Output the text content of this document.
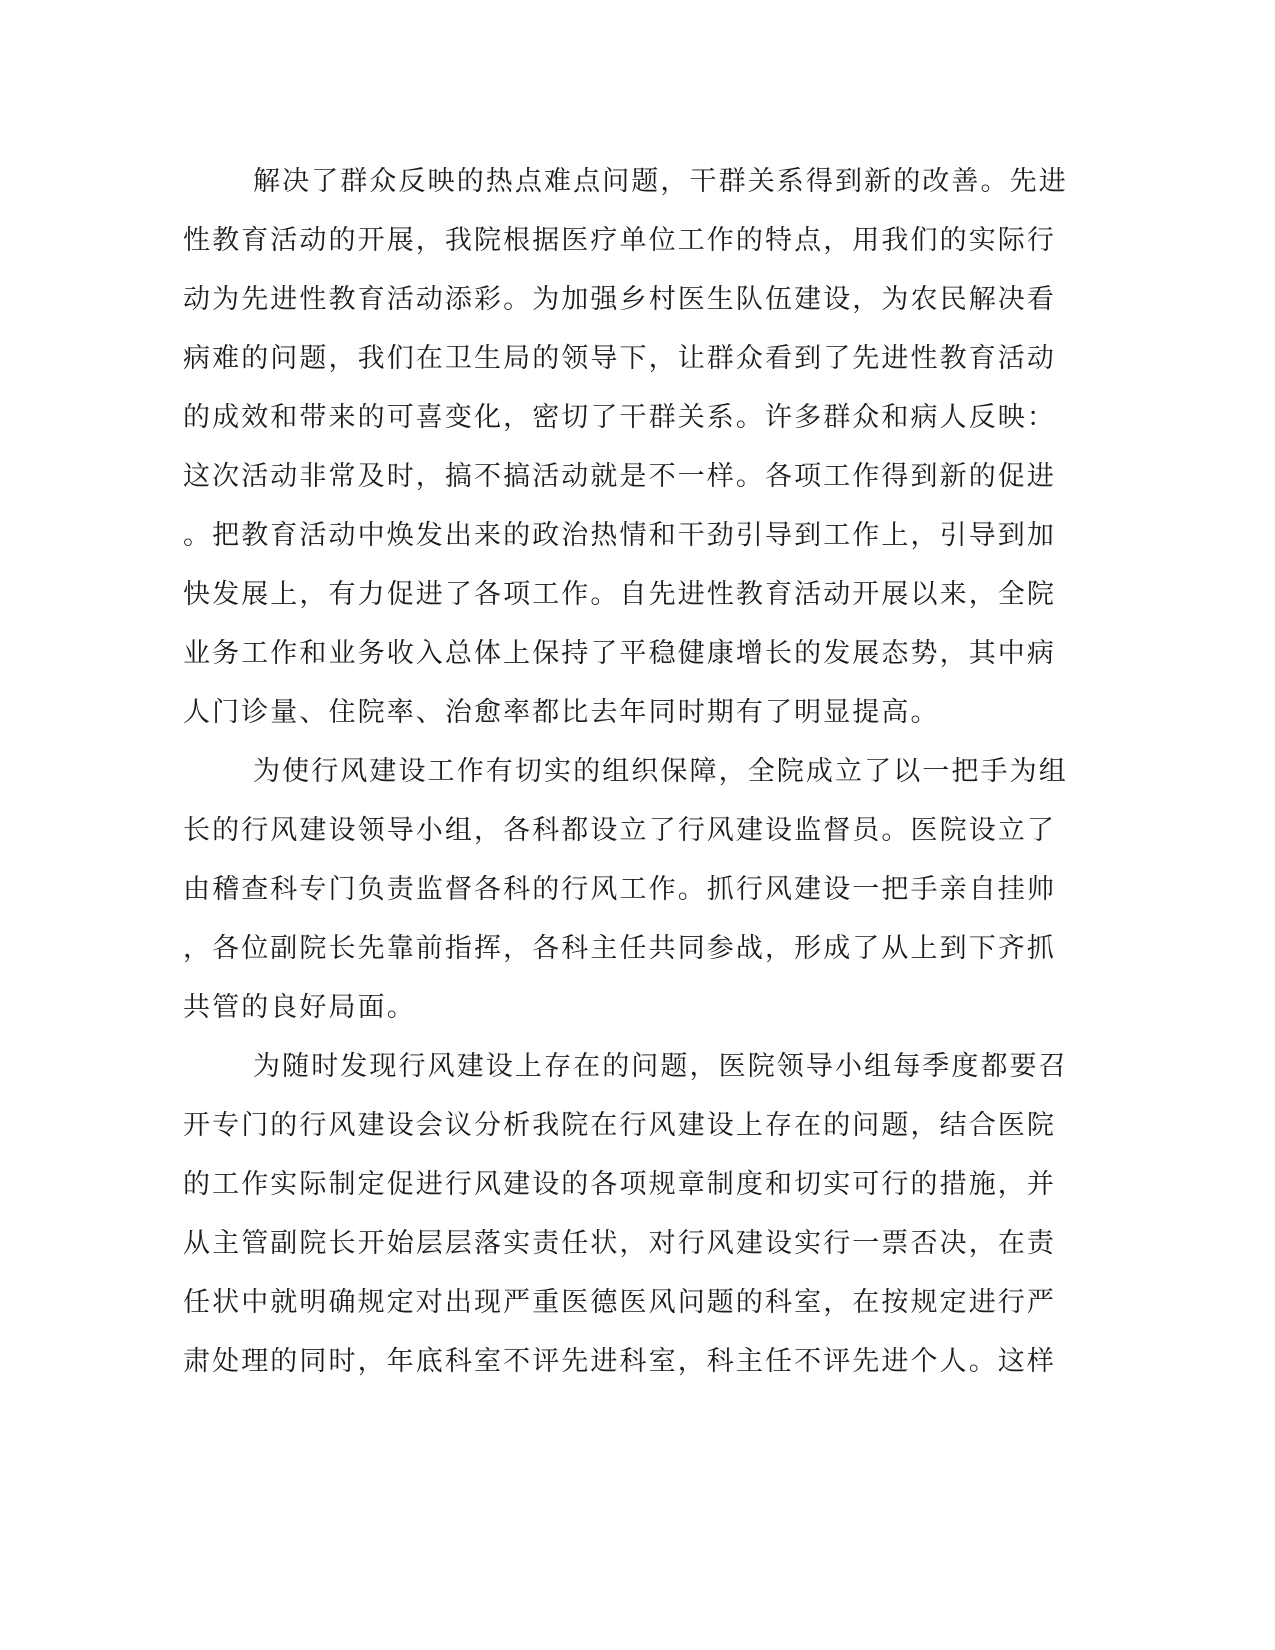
解决了群众反映的热点难点问题，干群关系得到新的改善。先进
性教育活动的开展，我院根据医疗单位工作的特点，用我们的实际行
动为先进性教育活动添彩。为加强乡村医生队伍建设，为农民解决看
病难的问题，我们在卫生局的领导下，让群众看到了先进性教育活动
的成效和带来的可喜变化，密切了干群关系。许多群众和病人反映：
这次活动非常及时，搞不搞活动就是不一样。各项工作得到新的促进
。把教育活动中焕发出来的政治热情和干劲引导到工作上，引导到加
快发展上，有力促进了各项工作。自先进性教育活动开展以来，全院
业务工作和业务收入总体上保持了平稳健康增长的发展态势，其中病
人门诊量、住院率、治愈率都比去年同时期有了明显提高。
为使行风建设工作有切实的组织保障，全院成立了以一把手为组
长的行风建设领导小组，各科都设立了行风建设监督员。医院设立了
由稽查科专门负责监督各科的行风工作。抓行风建设一把手亲自挂帅
，各位副院长先靠前指挥，各科主任共同参战，形成了从上到下齐抓
共管的良好局面。
为随时发现行风建设上存在的问题，医院领导小组每季度都要召
开专门的行风建设会议分析我院在行风建设上存在的问题，结合医院
的工作实际制定促进行风建设的各项规章制度和切实可行的措施，并
从主管副院长开始层层落实责任状，对行风建设实行一票否决，在责
任状中就明确规定对出现严重医德医风问题的科室，在按规定进行严
肃处理的同时，年底科室不评先进科室，科主任不评先进个人。这样
